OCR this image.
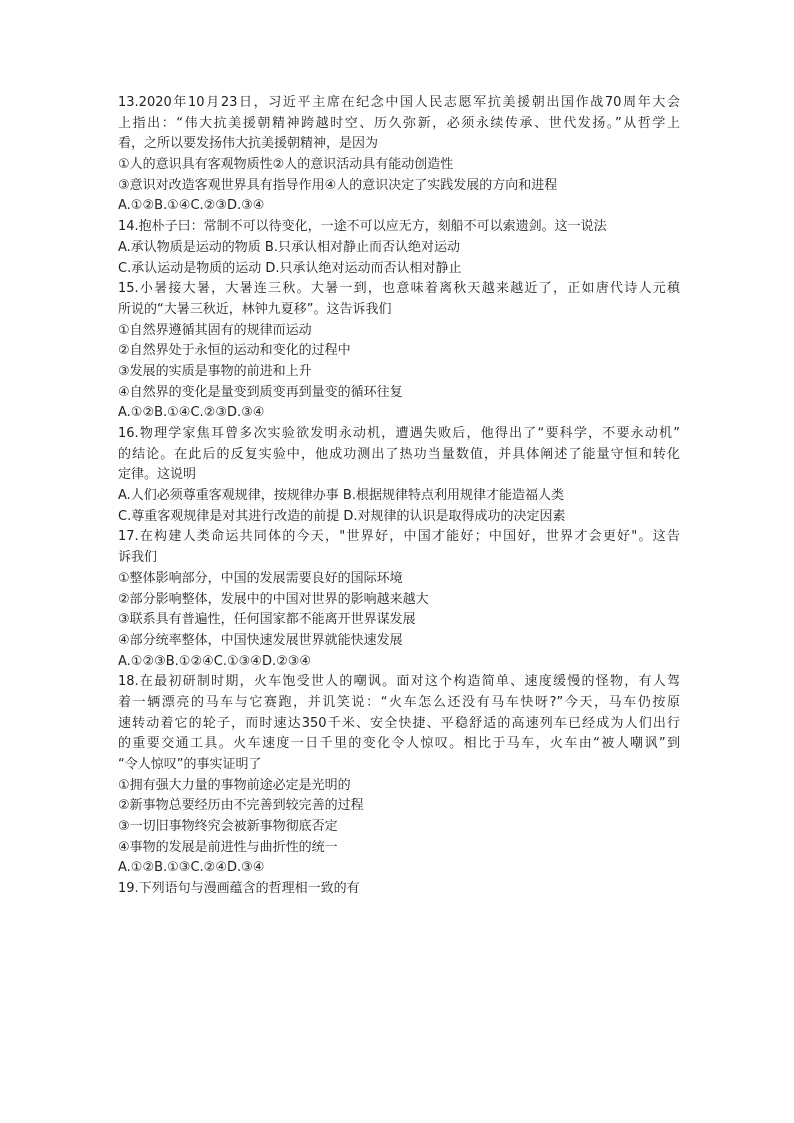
13.2020年10月23日，习近平主席在纪念中国人民志愿军抗美援朝出国作战70周年大会
上指出：“伟大抗美援朝精神跨越时空、历久弥新，必须永续传承、世代发扬。”从哲学上
看，之所以要发扬伟大抗美援朝精神，是因为
①人的意识具有客观物质性②人的意识活动具有能动创造性
③意识对改造客观世界具有指导作用④人的意识决定了实践发展的方向和进程
A.①②B.①④C.②③D.③④
14.抱朴子曰：常制不可以待变化，一途不可以应无方，刻船不可以索遗剑。这一说法
A.承认物质是运动的物质 B.只承认相对静止而否认绝对运动
C.承认运动是物质的运动 D.只承认绝对运动而否认相对静止
15.小暑接大暑，大暑连三秋。大暑一到，也意味着离秋天越来越近了，正如唐代诗人元稹
所说的“大暑三秋近，林钟九夏移”。这告诉我们
①自然界遵循其固有的规律而运动
②自然界处于永恒的运动和变化的过程中
③发展的实质是事物的前进和上升
④自然界的变化是量变到质变再到量变的循环往复
A.①②B.①④C.②③D.③④
16.物理学家焦耳曾多次实验欲发明永动机，遭遇失败后，他得出了“要科学，不要永动机”
的结论。在此后的反复实验中，他成功测出了热功当量数值，并具体阐述了能量守恒和转化
定律。这说明
A.人们必须尊重客观规律，按规律办事 B.根据规律特点利用规律才能造福人类
C.尊重客观规律是对其进行改造的前提 D.对规律的认识是取得成功的决定因素
17.在构建人类命运共同体的今天，"世界好，中国才能好；中国好，世界才会更好"。这告
诉我们
①整体影响部分，中国的发展需要良好的国际环境
②部分影响整体，发展中的中国对世界的影响越来越大
③联系具有普遍性，任何国家都不能离开世界谋发展
④部分统率整体，中国快速发展世界就能快速发展
A.①②③B.①②④C.①③④D.②③④
18.在最初研制时期，火车饱受世人的嘲讽。面对这个构造简单、速度缓慢的怪物，有人驾
着一辆漂亮的马车与它赛跑，并讥笑说：“火车怎么还没有马车快呀?”今天，马车仍按原
速转动着它的轮子，而时速达350千米、安全快捷、平稳舒适的高速列车已经成为人们出行
的重要交通工具。火车速度一日千里的变化令人惊叹。相比于马车，火车由“被人嘲讽”到
“令人惊叹”的事实证明了
①拥有强大力量的事物前途必定是光明的
②新事物总要经历由不完善到较完善的过程
③一切旧事物终究会被新事物彻底否定
④事物的发展是前进性与曲折性的统一
A.①②B.①③C.②④D.③④
19.下列语句与漫画蕴含的哲理相一致的有
